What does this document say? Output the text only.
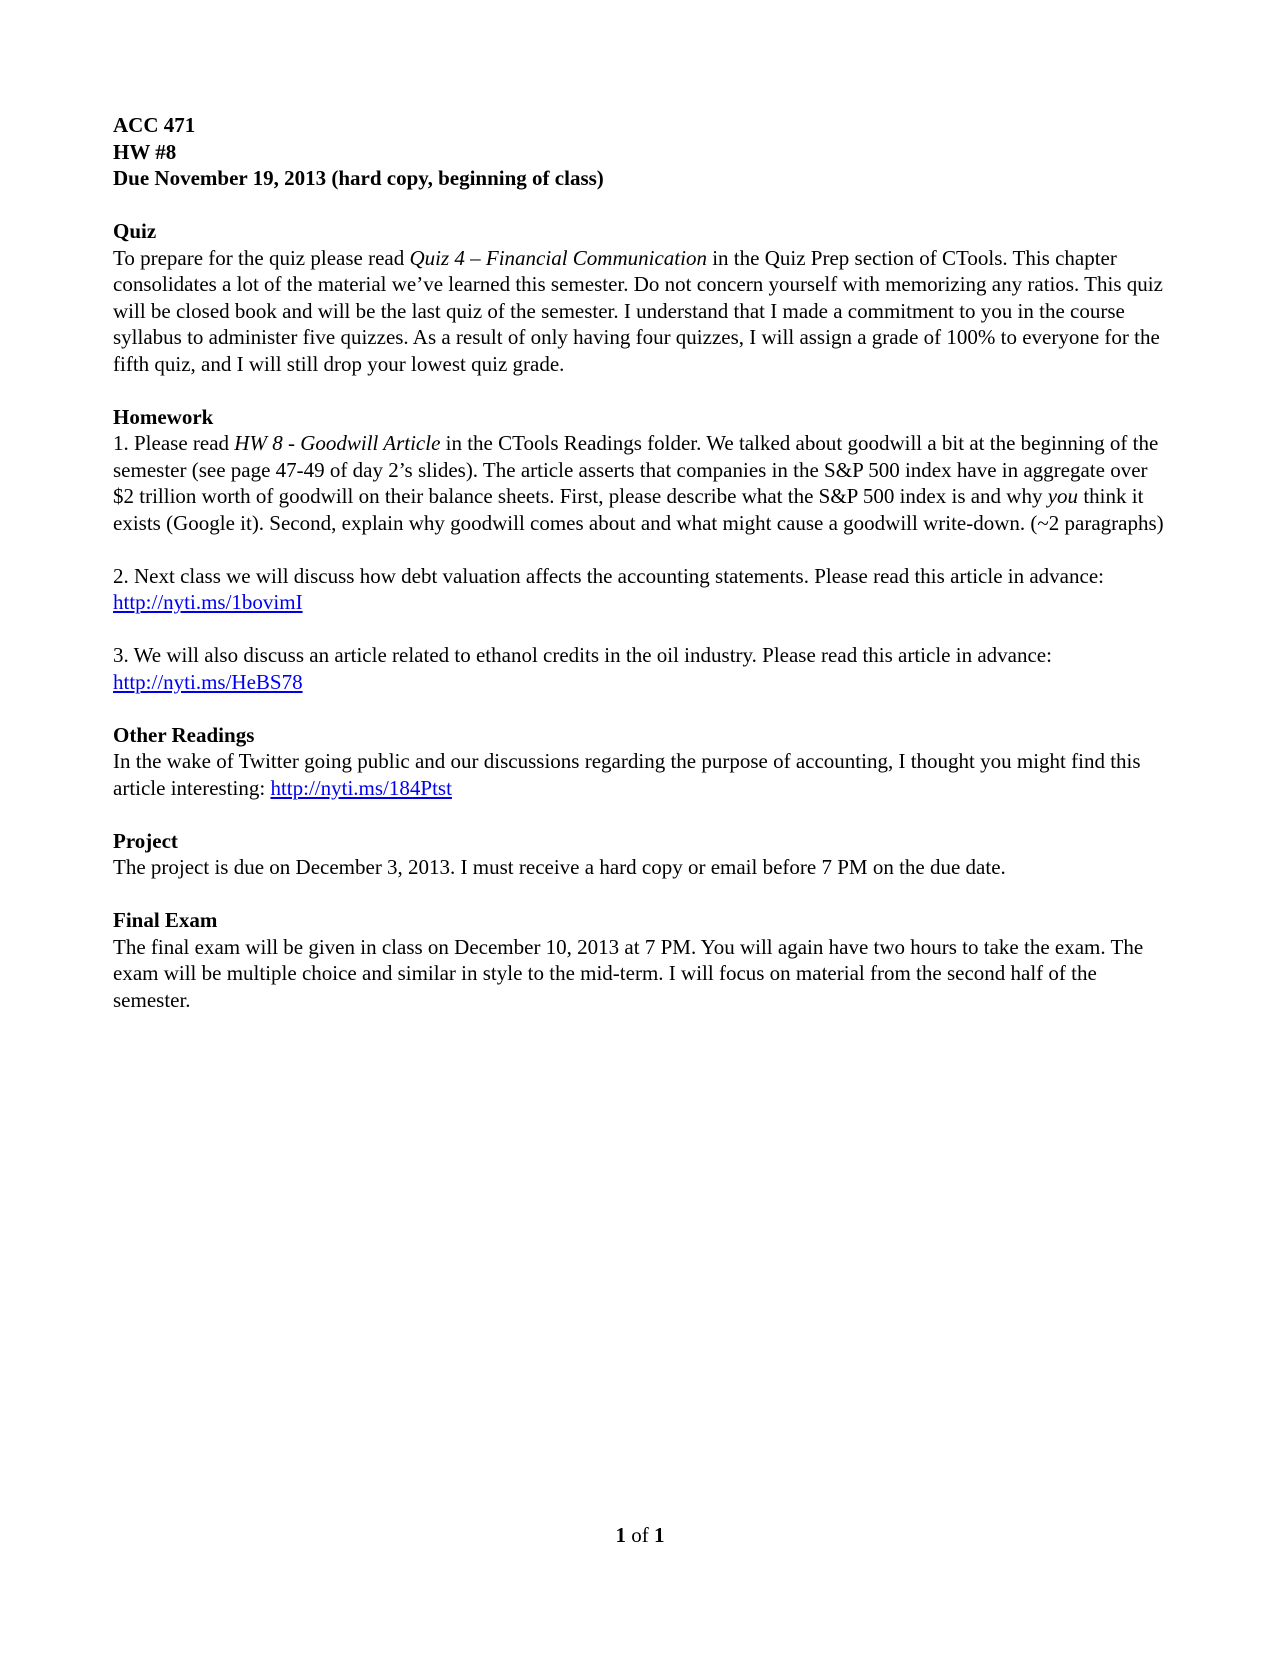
ACC 471
HW #8
Due November 19, 2013 (hard copy, beginning of class)
Quiz

To prepare for the quiz please read Quiz 4 – Financial Communication in the Quiz Prep section of CTools. This chapter consolidates a lot of the material we’ve learned this semester. Do not concern yourself with memorizing any ratios. This quiz will be closed book and will be the last quiz of the semester. I understand that I made a commitment to you in the course syllabus to administer five quizzes. As a result of only having four quizzes, I will assign a grade of 100% to everyone for the fifth quiz, and I will still drop your lowest quiz grade.

Homework

1. Please read HW 8 - Goodwill Article in the CTools Readings folder. We talked about goodwill a bit at the beginning of the semester (see page 47-49 of day 2’s slides). The article asserts that companies in the S&P 500 index have in aggregate over $2 trillion worth of goodwill on their balance sheets. First, please describe what the S&P 500 index is and why you think it exists (Google it). Second, explain why goodwill comes about and what might cause a goodwill write-down. (~2 paragraphs)

2. Next class we will discuss how debt valuation affects the accounting statements. Please read this article in advance: http://nyti.ms/1bovimI

3. We will also discuss an article related to ethanol credits in the oil industry. Please read this article in advance: http://nyti.ms/HeBS78

Other Readings

In the wake of Twitter going public and our discussions regarding the purpose of accounting, I thought you might find this article interesting: http://nyti.ms/184Ptst

Project

The project is due on December 3, 2013. I must receive a hard copy or email before 7 PM on the due date.

Final Exam

The final exam will be given in class on December 10, 2013 at 7 PM. You will again have two hours to take the exam. The exam will be multiple choice and similar in style to the mid-term. I will focus on material from the second half of the semester.

1 of 1
